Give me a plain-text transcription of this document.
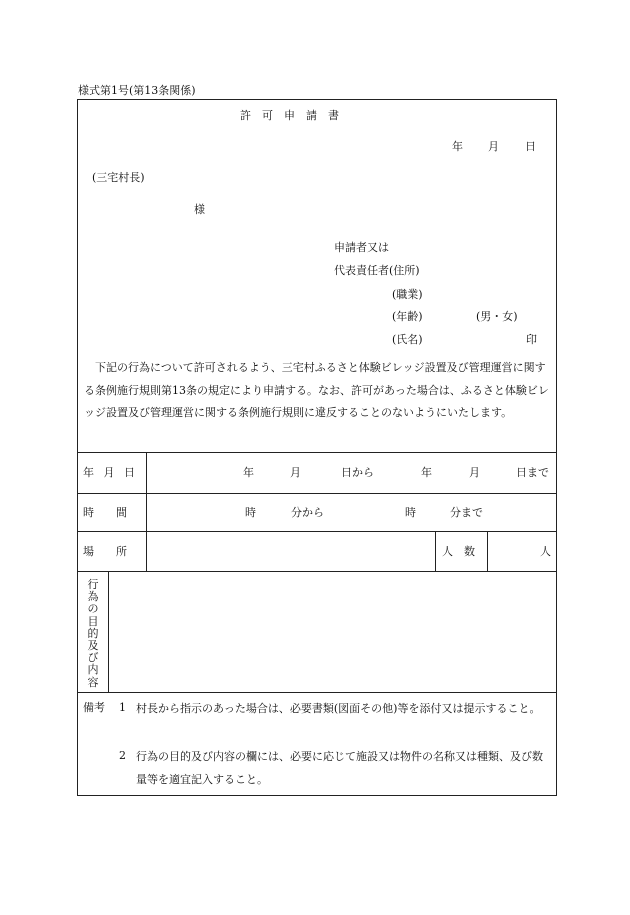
様式第1号(第13条関係)
許　可　申　請　書
年 月 日
(三宅村長)
様
申請者又は
代表責任者(住所)
(職業)
(年齢)	(男・女)
(氏名)	印
下記の行為について許可されるよう、三宅村ふるさと体験ビレッジ設置及び管理運営に関する条例施行規則第13条の規定により申請する。なお、許可があった場合は、ふるさと体験ビレッジ設置及び管理運営に関する条例施行規則に違反することのないようにいたします。
年 月 日	年	月	日から	年	月	日まで
時　　間	時	分から	時	分まで
場　　所	人　数	人
行為の目的及び内容
備考 1 村長から指示のあった場合は、必要書類(図面その他)等を添付又は提示すること。
2 行為の目的及び内容の欄には、必要に応じて施設又は物件の名称又は種類、及び数量等を適宜記入すること。
